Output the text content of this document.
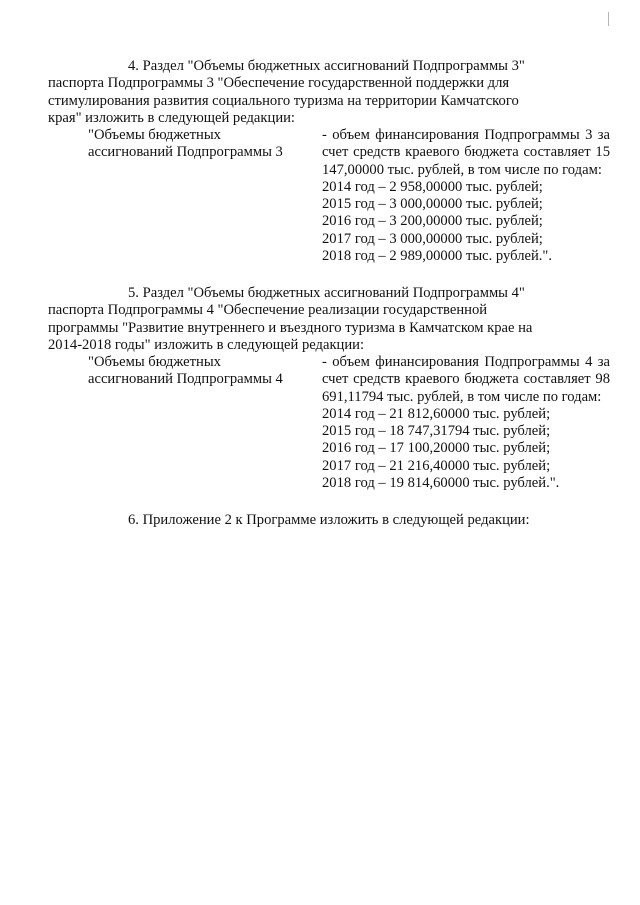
4. Раздел "Объемы бюджетных ассигнований Подпрограммы 3"
паспорта Подпрограммы 3 "Обеспечение государственной поддержки для
стимулирования развития социального туризма на территории Камчатского
края" изложить в следующей редакции:

"Объемы бюджетных ассигнований Подпрограммы 3

- объем финансирования Подпрограммы 3 за счет средств краевого бюджета составляет 15 147,00000 тыс. рублей, в том числе по годам:

2014 год – 2 958,00000 тыс. рублей;
2015 год – 3 000,00000 тыс. рублей;
2016 год – 3 200,00000 тыс. рублей;
2017 год – 3 000,00000 тыс. рублей;
2018 год – 2 989,00000 тыс. рублей.".

5. Раздел "Объемы бюджетных ассигнований Подпрограммы 4"
паспорта Подпрограммы 4 "Обеспечение реализации государственной
программы "Развитие внутреннего и въездного туризма в Камчатском крае на
2014-2018 годы" изложить в следующей редакции:

"Объемы бюджетных ассигнований Подпрограммы 4

- объем финансирования Подпрограммы 4 за счет средств краевого бюджета составляет 98 691,11794 тыс. рублей, в том числе по годам:

2014 год – 21 812,60000 тыс. рублей;
2015 год – 18 747,31794 тыс. рублей;
2016 год – 17 100,20000 тыс. рублей;
2017 год – 21 216,40000 тыс. рублей;
2018 год – 19 814,60000 тыс. рублей.".

6. Приложение 2 к Программе изложить в следующей редакции:
